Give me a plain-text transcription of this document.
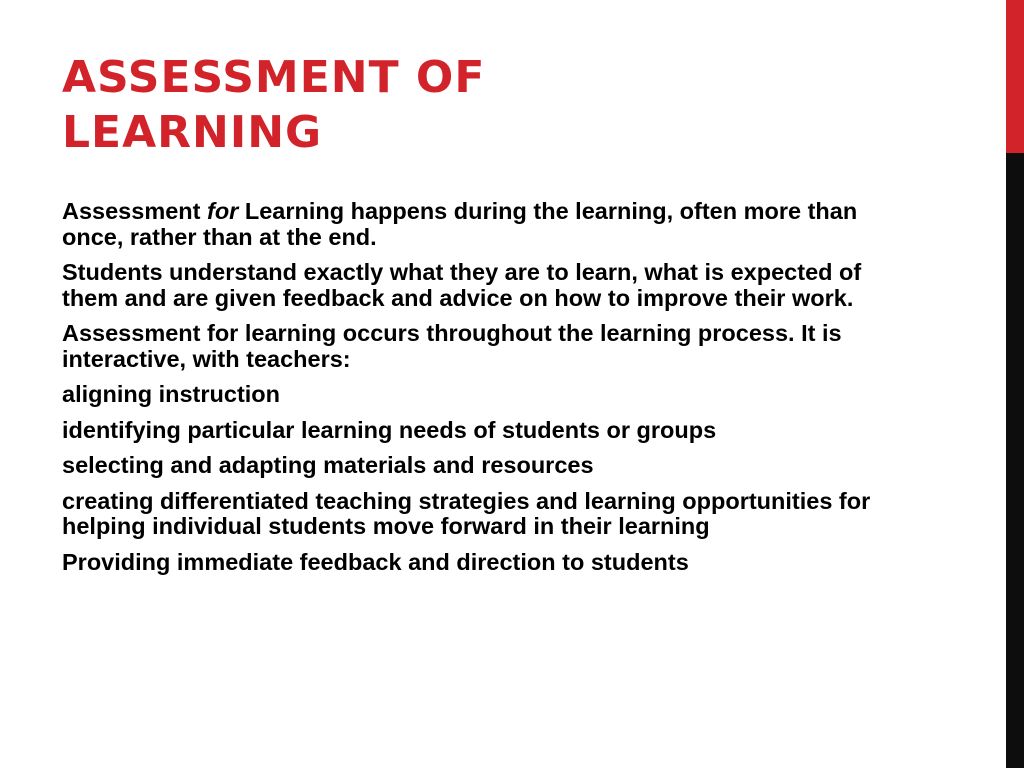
ASSESSMENT OF
LEARNING

Assessment for Learning happens during the learning, often more than once, rather than at the end.

Students understand exactly what they are to learn, what is expected of them and are given feedback and advice on how to improve their work.

Assessment for learning occurs throughout the learning process. It is interactive, with teachers:

aligning instruction

identifying particular learning needs of students or groups

selecting and adapting materials and resources

creating differentiated teaching strategies and learning opportunities for helping individual students move forward in their learning

Providing immediate feedback and direction to students
